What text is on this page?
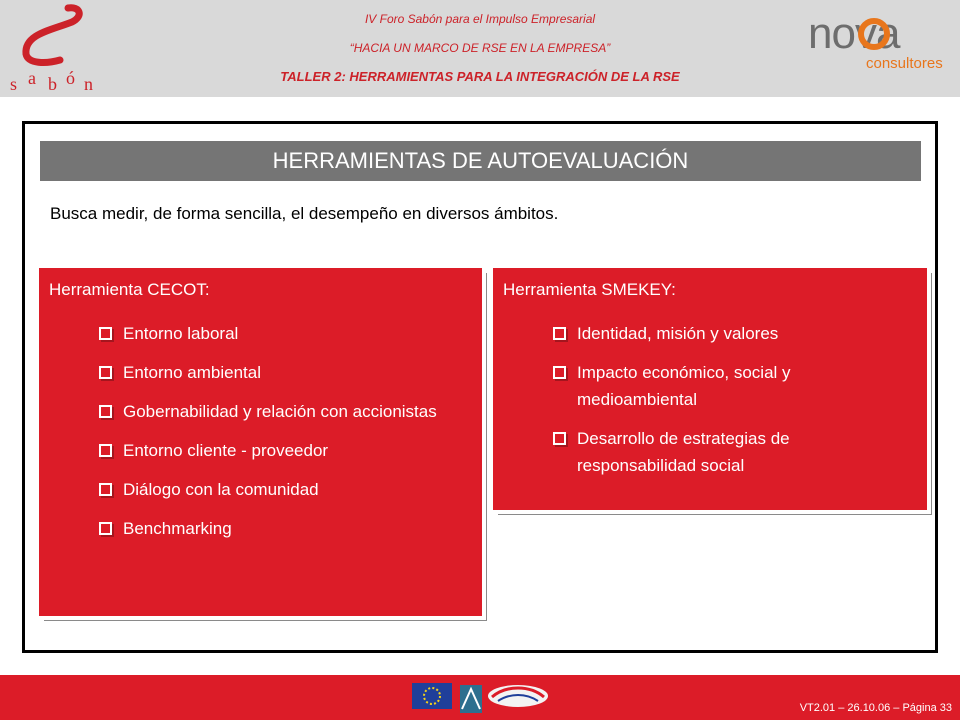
s a b ó n
IV Foro Sabón para el Impulso Empresarial
“HACIA UN MARCO DE RSE EN LA EMPRESA”
TALLER 2: HERRAMIENTAS PARA LA INTEGRACIÓN DE LA RSE
nova
consultores
HERRAMIENTAS DE AUTOEVALUACIÓN
Busca medir, de forma sencilla, el desempeño en diversos ámbitos.
Herramienta CECOT:
Entorno laboral
Entorno ambiental
Gobernabilidad y relación con accionistas
Entorno cliente - proveedor
Diálogo con la comunidad
Benchmarking
Herramienta SMEKEY:
Identidad, misión y valores
Impacto económico, social y medioambiental
Desarrollo de estrategias de responsabilidad social
VT2.01 – 26.10.06 – Página 33
